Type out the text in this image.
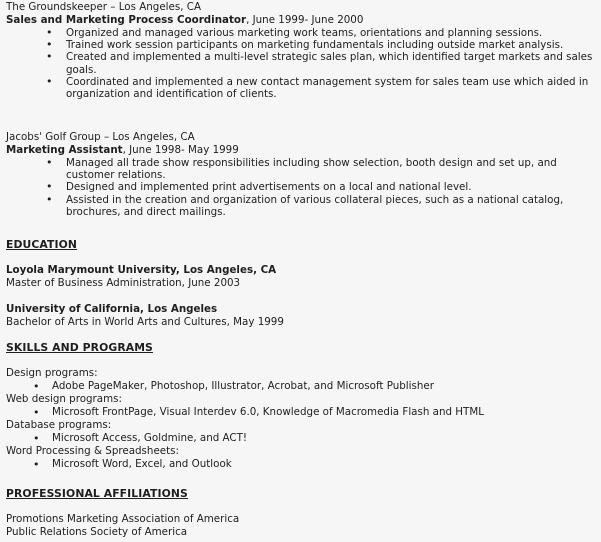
The Groundskeeper – Los Angeles, CA
Sales and Marketing Process Coordinator, June 1999- June 2000
• Organized and managed various marketing work teams, orientations and planning sessions.
• Trained work session participants on marketing fundamentals including outside market analysis.
• Created and implemented a multi-level strategic sales plan, which identified target markets and sales goals.
• Coordinated and implemented a new contact management system for sales team use which aided in organization and identification of clients.
Jacobs' Golf Group – Los Angeles, CA
Marketing Assistant, June 1998- May 1999
• Managed all trade show responsibilities including show selection, booth design and set up, and customer relations.
• Designed and implemented print advertisements on a local and national level.
• Assisted in the creation and organization of various collateral pieces, such as a national catalog, brochures, and direct mailings.
EDUCATION
Loyola Marymount University, Los Angeles, CA
Master of Business Administration, June 2003
University of California, Los Angeles
Bachelor of Arts in World Arts and Cultures, May 1999
SKILLS AND PROGRAMS
Design programs:
• Adobe PageMaker, Photoshop, Illustrator, Acrobat, and Microsoft Publisher
Web design programs:
• Microsoft FrontPage, Visual Interdev 6.0, Knowledge of Macromedia Flash and HTML
Database programs:
• Microsoft Access, Goldmine, and ACT!
Word Processing & Spreadsheets:
• Microsoft Word, Excel, and Outlook
PROFESSIONAL AFFILIATIONS
Promotions Marketing Association of America
Public Relations Society of America
